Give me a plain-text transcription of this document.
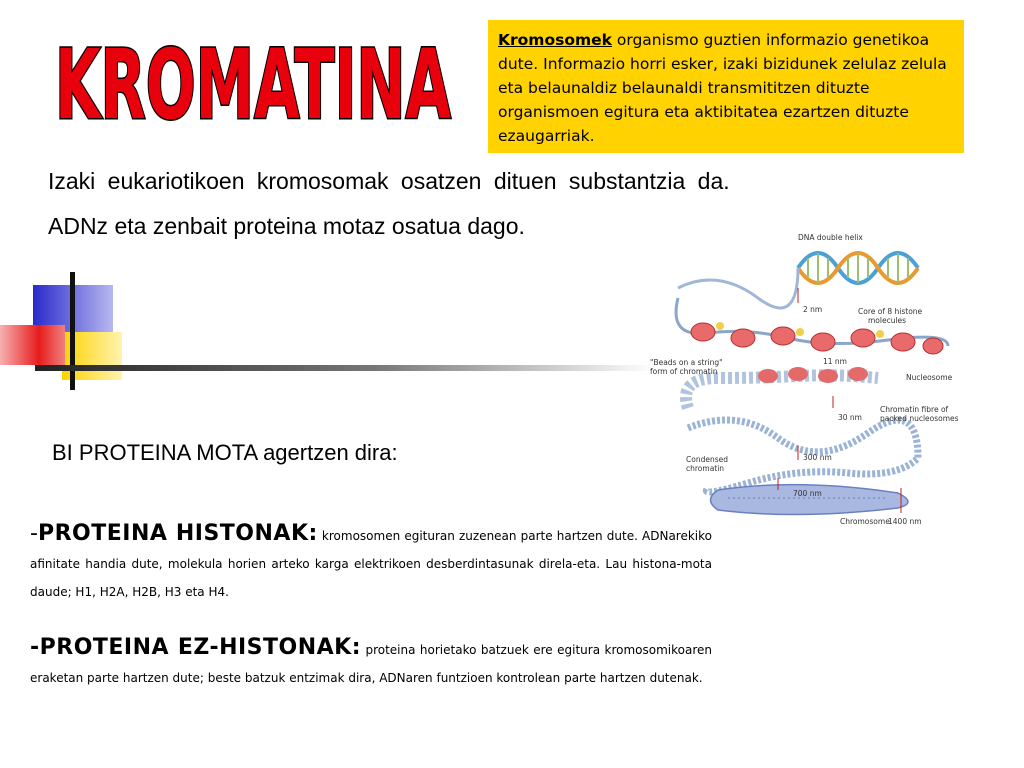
KROMATINA	Kromosomek organismo guztien informazio genetikoa dute. Informazio horri esker, izaki bizidunek zelulaz zelula eta belaunaldiz belaunaldi transmititzen dituzte organismoen egitura eta aktibitatea ezartzen dituzte ezaugarriak.
Izaki eukariotikoen kromosomak osatzen dituen substantzia da.
ADNz eta zenbait proteina motaz osatua dago.
BI PROTEINA MOTA agertzen dira:
-PROTEINA HISTONAK: kromosomen egituran zuzenean parte hartzen dute. ADNarekiko afinitate handia dute, molekula horien arteko karga elektrikoen desberdintasunak direla-eta. Lau histona-mota daude; H1, H2A, H2B, H3 eta H4.
-PROTEINA EZ-HISTONAK: proteina horietako batzuek ere egitura kromosomikoaren eraketan parte hartzen dute; beste batzuk entzimak dira, ADNaren funtzioen kontrolean parte hartzen dutenak.
DNA double helix
2 nm	Core of 8 histone
molecules
"Beads on a string"
form of chromatin
11 nm
Nucleosome
30 nm
Chromatin fibre of
packed nucleosomes
Condensed
chromatin
300 nm
700 nm
Chromosome
1400 nm
